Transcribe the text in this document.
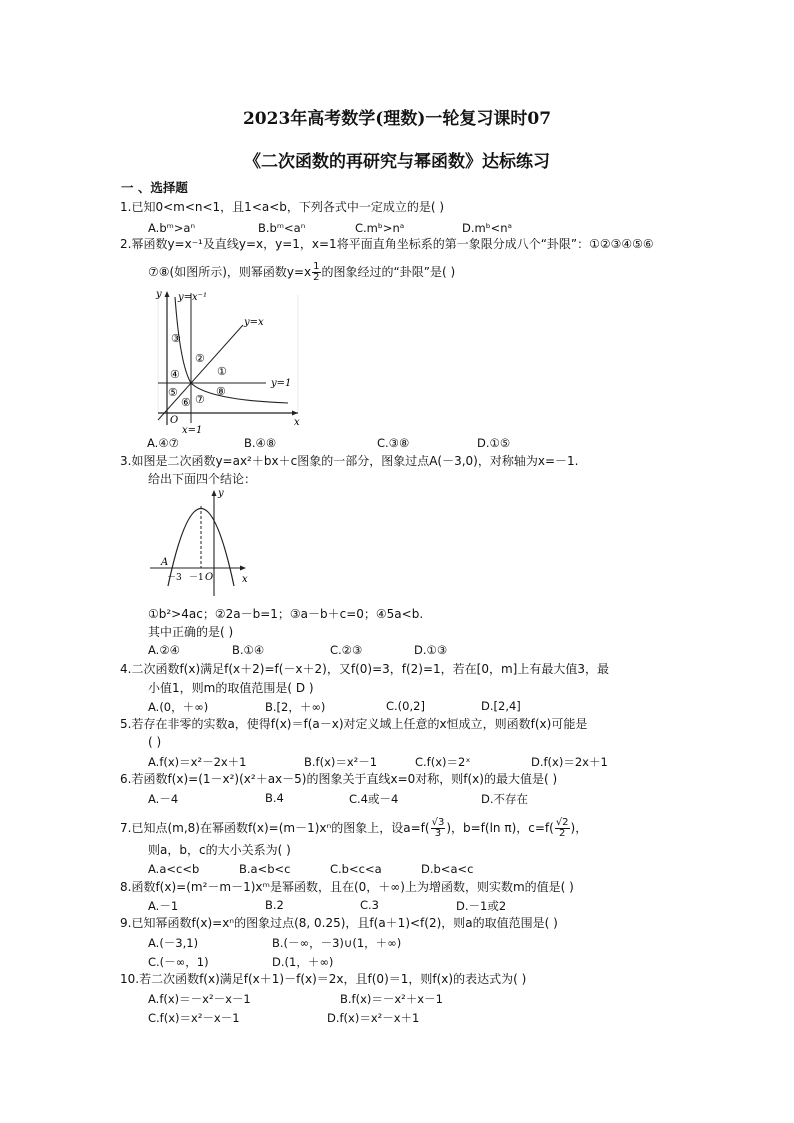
2023年高考数学(理数)一轮复习课时07
《二次函数的再研究与幂函数》达标练习
一 、选择题
1.已知0<m<n<1，且1<a<b，下列各式中一定成立的是( )
A.bᵐ>aⁿ	B.bᵐ<aⁿ	C.mᵇ>nᵃ	D.mᵇ<nᵃ
2.幂函数y=x⁻¹及直线y=x，y=1，x=1将平面直角坐标系的第一象限分成八个“卦限”：①②③④⑤⑥
⑦⑧(如图所示)，则幂函数$y=x \frac{1}{2}$ 的图象经过的“卦限”是( )
y=x⁻¹
y=x
y=1
x=1
y
x
O
③
②
①
④
⑤	⑧
⑥ ⑦
A.④⑦	B.④⑧	C.③⑧	D.①⑤
3.如图是二次函数y=ax²＋bx＋c图象的一部分，图象过点A(－3,0)，对称轴为x=－1.
给出下面四个结论：
y
x
A
－3 －1 O
①b²>4ac；②2a－b=1；③a－b＋c=0；④5a<b.
其中正确的是( )
A.②④	B.①④	C.②③	D.①③
4.二次函数f(x)满足f(x＋2)=f(－x＋2)，又f(0)=3，f(2)=1，若在[0，m]上有最大值3，最
小值1，则m的取值范围是( D )
A.(0，＋∞)	B.[2，＋∞)	C.(0,2]	D.[2,4]
5.若存在非零的实数a，使得f(x)＝f(a－x)对定义域上任意的x恒成立，则函数f(x)可能是
( )
A.f(x)＝x²－2x＋1	B.f(x)＝x²－1	C.f(x)＝2ˣ	D.f(x)＝2x＋1
6.若函数f(x)=(1－x²)(x²＋ax－5)的图象关于直线x=0对称，则f(x)的最大值是( )
A.－4	B.4	C.4或－4	D.不存在
7.已知点(m,8)在幂函数f(x)=(m－1)xⁿ的图象上，设$a=f( \frac{√3}{3}$ )，b=f(ln π)，$c=f( \frac{√2}{2}$ )，
则a，b，c的大小关系为( )
A.a<c<b	B.a<b<c	C.b<c<a	D.b<a<c
8.函数f(x)=(m²－m－1)xᵐ是幂函数，且在(0，＋∞)上为增函数，则实数m的值是( )
A.－1	B.2	C.3	D.－1或2
9.已知幂函数f(x)=xⁿ的图象过点(8, 0.25)，且f(a＋1)<f(2)，则a的取值范围是( )
A.(－3,1)	B.(－∞，－3)∪(1，＋∞)
C.(－∞，1)	D.(1，＋∞)
10.若二次函数f(x)满足f(x＋1)－f(x)＝2x，且f(0)＝1，则f(x)的表达式为( )
A.f(x)＝－x²－x－1	B.f(x)＝－x²＋x－1
C.f(x)＝x²－x－1	D.f(x)＝x²－x＋1
